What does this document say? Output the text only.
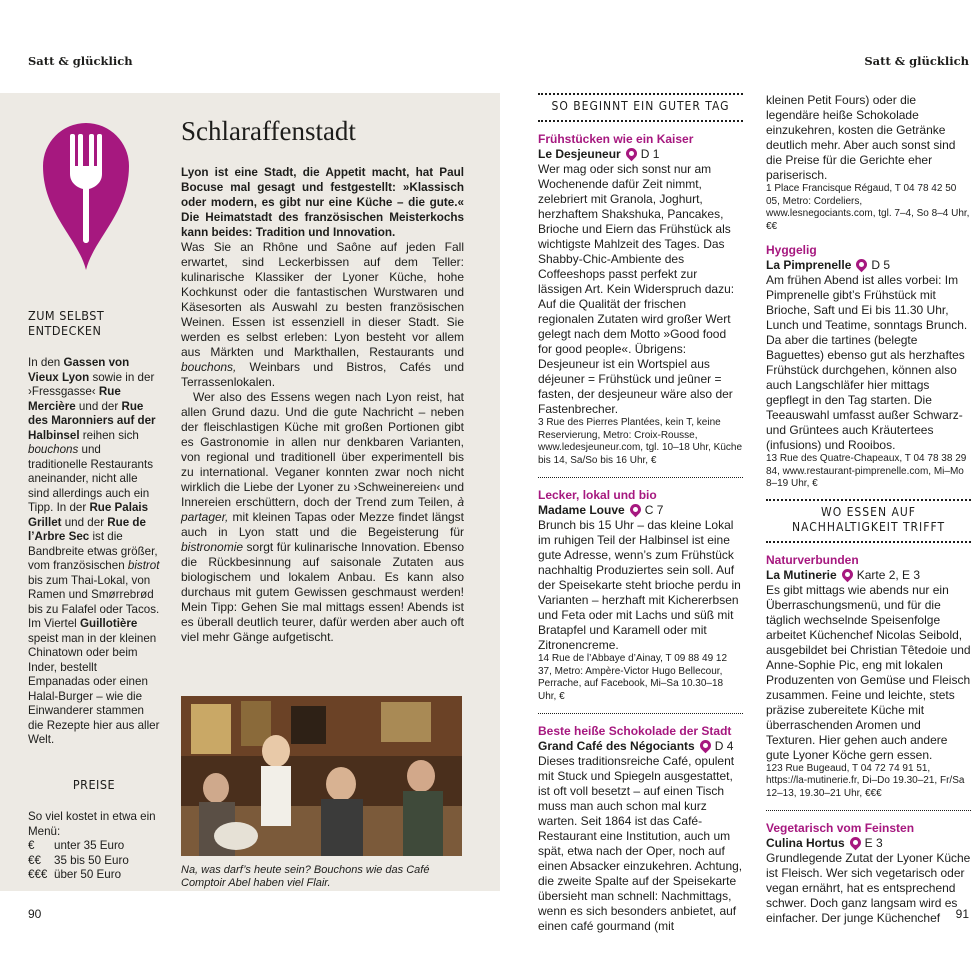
Satt & glücklich	Satt & glücklich
90	91
ZUM SELBST ENTDECKEN

In den Gassen von Vieux Lyon sowie in der ›Fressgasse‹ Rue Mercière und der Rue des Maronniers auf der Halbinsel reihen sich bouchons und traditionelle Restaurants aneinander, nicht alle sind allerdings auch ein Tipp. In der Rue Palais Grillet und der Rue de l’Arbre Sec ist die Bandbreite etwas größer, vom französischen bistrot bis zum Thai-Lokal, von Ramen und Smørrebrød bis zu Falafel oder Tacos. Im Viertel Guillotière speist man in der kleinen Chinatown oder beim Inder, bestellt Empanadas oder einen Halal-Burger – wie die Einwanderer stammen die Rezepte hier aus aller Welt.

PREISE

So viel kostet in etwa ein Menü:

€	unter 35 Euro
€€	35 bis 50 Euro
€€€ über 50 Euro
Schlaraffenstadt

Lyon ist eine Stadt, die Appetit macht, hat Paul Bocuse mal gesagt und festgestellt: »Klassisch oder modern, es gibt nur eine Küche – die gute.« Die Heimatstadt des französischen Meisterkochs kann beides: Tradition und Innovation.

Was Sie an Rhône und Saône auf jeden Fall erwartet, sind Leckerbissen auf dem Teller: kulinarische Klassiker der Lyoner Küche, hohe Kochkunst oder die fantastischen Wurstwaren und Käsesorten als Auswahl zu besten französischen Weinen. Essen ist essenziell in dieser Stadt. Sie werden es selbst erleben: Lyon besteht vor allem aus Märkten und Markthallen, Restaurants und bouchons, Weinbars und Bistros, Cafés und Terrassenlokalen.

Wer also des Essens wegen nach Lyon reist, hat allen Grund dazu. Und die gute Nachricht – neben der fleischlastigen Küche mit großen Portionen gibt es Gastronomie in allen nur denkbaren Varianten, von regional und traditionell über experimentell bis zu international. Veganer konnten zwar noch nicht wirklich die Liebe der Lyoner zu ›Schweinereien‹ und Innereien erschüttern, doch der Trend zum Teilen, à partager, mit kleinen Tapas oder Mezze findet längst auch in Lyon statt und die Begeisterung für bistronomie sorgt für kulinarische Innovation. Ebenso die Rückbesinnung auf saisonale Zutaten aus biologischem und lokalem Anbau. Es kann also durchaus mit gutem Gewissen geschmaust werden! Mein Tipp: Gehen Sie mal mittags essen! Abends ist es überall deutlich teurer, dafür werden aber auch oft viel mehr Gänge aufgetischt.

Na, was darf’s heute sein? Bouchons wie das Café Comptoir Abel haben viel Flair.
SO BEGINNT EIN GUTER TAG
Frühstücken wie ein Kaiser
Le Desjeuneur D 1

Wer mag oder sich sonst nur am Wochenende dafür Zeit nimmt, zelebriert mit Granola, Joghurt, herzhaftem Shakshuka, Pancakes, Brioche und Eiern das Frühstück als wichtigste Mahlzeit des Tages. Das Shabby-Chic-Ambiente des Coffeeshops passt perfekt zur lässigen Art. Kein Widerspruch dazu: Auf die Qualität der frischen regionalen Zutaten wird großer Wert gelegt nach dem Motto »Good food for good people«. Übrigens: Desjeuneur ist ein Wortspiel aus déjeuner = Frühstück und jeûner = fasten, der desjeuneur wäre also der Fastenbrecher.

3 Rue des Pierres Plantées, kein T, keine Reservierung, Metro: Croix-Rousse, www.ledesjeuneur.com, tgl. 10–18 Uhr, Küche bis 14, Sa/So bis 16 Uhr, €

Lecker, lokal und bio
Madame Louve C 7

Brunch bis 15 Uhr – das kleine Lokal im ruhigen Teil der Halbinsel ist eine gute Adresse, wenn’s zum Frühstück nachhaltig Produziertes sein soll. Auf der Speisekarte steht brioche perdu in Varianten – herzhaft mit Kichererbsen und Feta oder mit Lachs und süß mit Bratapfel und Karamell oder mit Zitronencreme.

14 Rue de l’Abbaye d’Ainay, T 09 88 49 12 37, Metro: Ampère-Victor Hugo Bellecour, Perrache, auf Facebook, Mi–Sa 10.30–18 Uhr, €

Beste heiße Schokolade der Stadt
Grand Café des Négociants D 4

Dieses traditionsreiche Café, opulent mit Stuck und Spiegeln ausgestattet, ist oft voll besetzt – auf einen Tisch muss man auch schon mal kurz warten. Seit 1864 ist das Café-Restaurant eine Institution, auch um spät, etwa nach der Oper, noch auf einen Absacker einzukehren. Achtung, die zweite Spalte auf der Speisekarte übersieht man schnell: Nachmittags, wenn es sich besonders anbietet, auf einen café gourmand (mit

kleinen Petit Fours) oder die legendäre heiße Schokolade einzukehren, kosten die Getränke deutlich mehr. Aber auch sonst sind die Preise für die Gerichte eher pariserisch.

1 Place Francisque Régaud, T 04 78 42 50 05, Metro: Cordeliers, www.lesnegociants.com, tgl. 7–4, So 8–4 Uhr, €€

Hyggelig
La Pimprenelle D 5

Am frühen Abend ist alles vorbei: Im Pimprenelle gibt’s Frühstück mit Brioche, Saft und Ei bis 11.30 Uhr, Lunch und Teatime, sonntags Brunch. Da aber die tartines (belegte Baguettes) ebenso gut als herzhaftes Frühstück durchgehen, können also auch Langschläfer hier mittags gepflegt in den Tag starten. Die Teeauswahl umfasst außer Schwarz- und Grüntees auch Kräutertees (infusions) und Rooibos.

13 Rue des Quatre-Chapeaux, T 04 78 38 29 84, www.restaurant-pimprenelle.com, Mi–Mo 8–19 Uhr, €

WO ESSEN AUF NACHHALTIGKEIT TRIFFT
Naturverbunden
La Mutinerie Karte 2, E 3

Es gibt mittags wie abends nur ein Überraschungsmenü, und für die täglich wechselnde Speisenfolge arbeitet Küchenchef Nicolas Seibold, ausgebildet bei Christian Têtedoie und Anne-Sophie Pic, eng mit lokalen Produzenten von Gemüse und Fleisch zusammen. Feine und leichte, stets präzise zubereitete Küche mit überraschenden Aromen und Texturen. Hier gehen auch andere gute Lyoner Köche gern essen.

123 Rue Bugeaud, T 04 72 74 91 51, https://la-mutinerie.fr, Di–Do 19.30–21, Fr/Sa 12–13, 19.30–21 Uhr, €€€

Vegetarisch vom Feinsten
Culina Hortus E 3

Grundlegende Zutat der Lyoner Küche ist Fleisch. Wer sich vegetarisch oder vegan ernährt, hat es entsprechend schwer. Doch ganz langsam wird es einfacher. Der junge Küchenchef
